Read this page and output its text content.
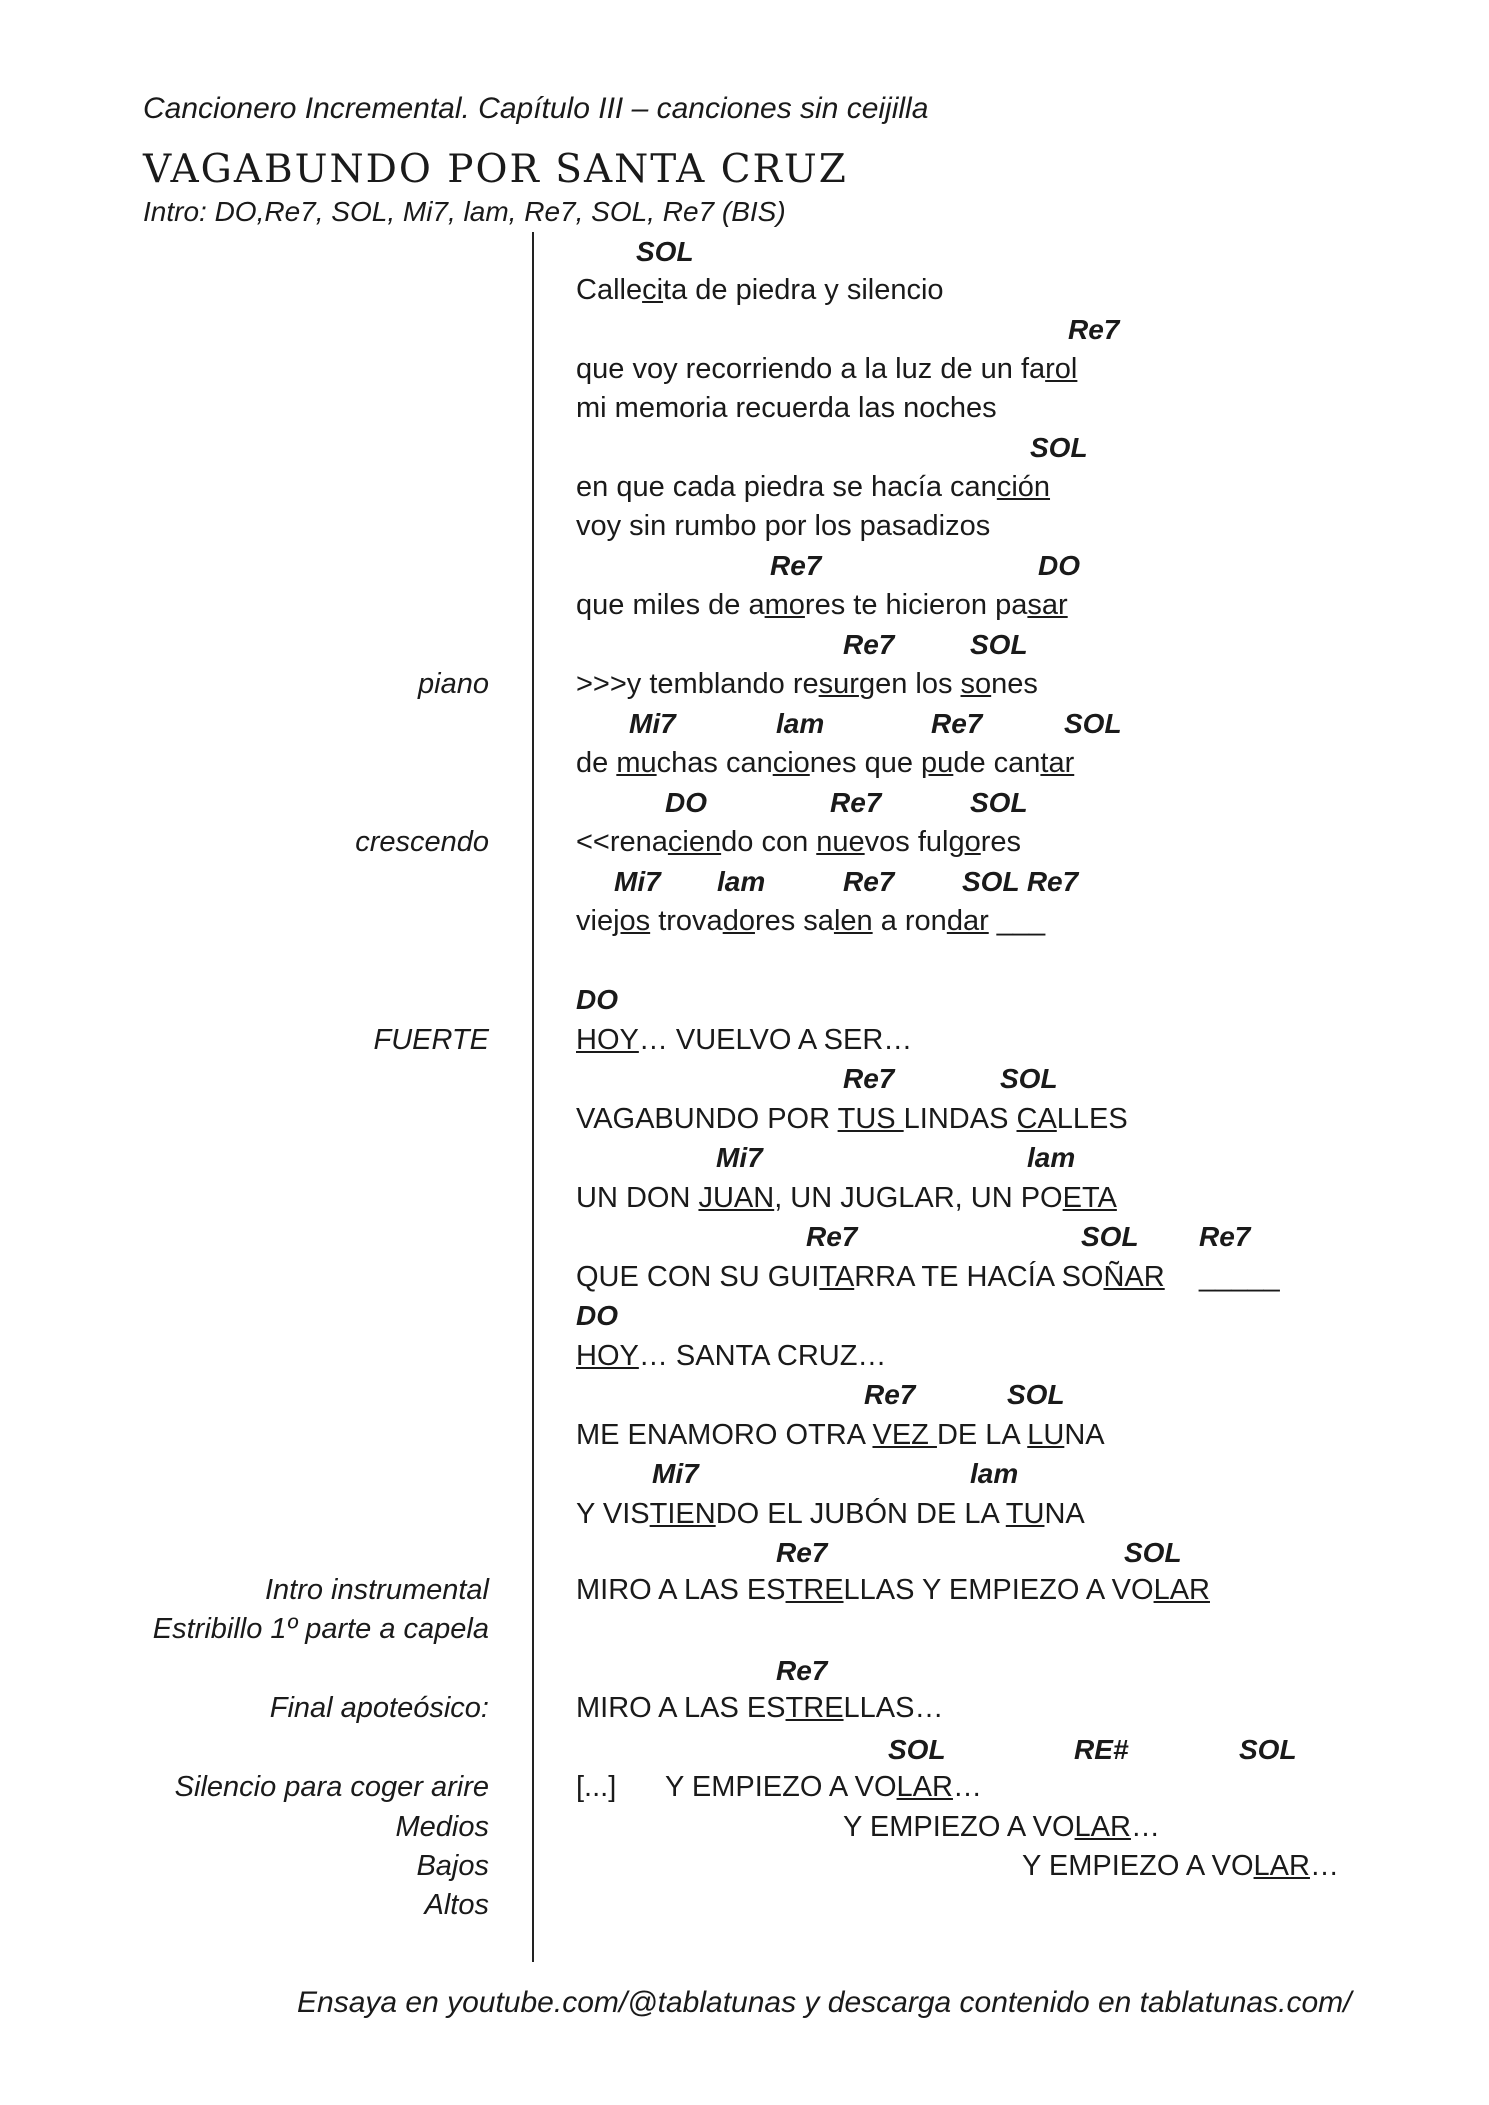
Cancionero Incremental. Capítulo III – canciones sin ceijilla
VAGABUNDO POR SANTA CRUZ
Intro: DO,Re7, SOL, Mi7, lam, Re7, SOL, Re7 (BIS)
piano
crescendo
FUERTE
Intro instrumental
Estribillo 1º parte a capela
Final apoteósico:
Silencio para coger arire
Medios
Bajos
Altos
SOL
Re7
SOL
Re7	DO
Re7	SOL
Mi7	lam	Re7	SOL
DO	Re7	SOL
Mi7 lam	Re7 SOL Re7
DO
Re7	SOL
Mi7	lam
Re7	SOL Re7
DO
Re7	SOL
Mi7	lam
Re7	SOL
Re7
SOL	RE#	SOL
Callecita de piedra y silencio
que voy recorriendo a la luz de un farol
mi memoria recuerda las noches
en que cada piedra se hacía canción
voy sin rumbo por los pasadizos
que miles de amores te hicieron pasar
>>>y temblando resurgen los sones
de muchas canciones que pude cantar
<<renaciendo con nuevos fulgores
viejos trovadores salen a rondar ___
HOY… VUELVO A SER…
VAGABUNDO POR TUS LINDAS CALLES
UN DON JUAN, UN JUGLAR, UN POETA
QUE CON SU GUITARRA TE HACÍA SOÑAR _____
HOY… SANTA CRUZ…
ME ENAMORO OTRA VEZ DE LA LUNA
Y VISTIENDO EL JUBÓN DE LA TUNA
MIRO A LAS ESTRELLAS Y EMPIEZO A VOLAR
MIRO A LAS ESTRELLAS…
[...] Y EMPIEZO A VOLAR…
Y EMPIEZO A VOLAR…
Y EMPIEZO A VOLAR…
Ensaya en youtube.com/@tablatunas y descarga contenido en tablatunas.com/
